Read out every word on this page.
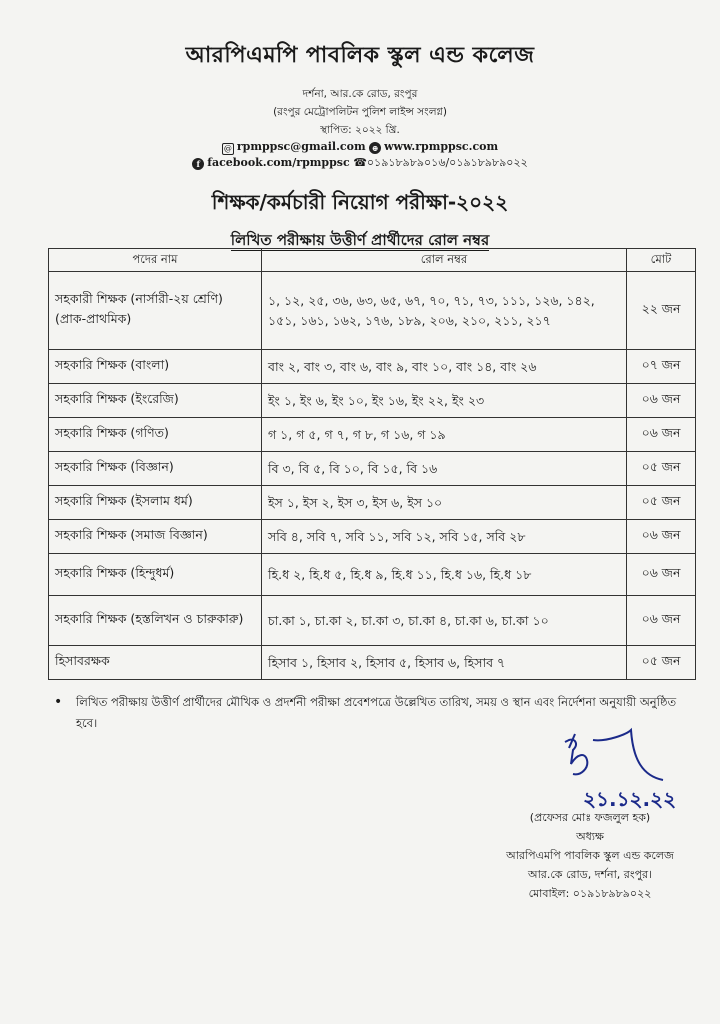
আরপিএমপি পাবলিক স্কুল এন্ড কলেজ
দর্শনা, আর.কে রোড, রংপুর
(রংপুর মেট্রোপলিটন পুলিশ লাইন্স সংলগ্ন)
স্থাপিত: ২০২২ খ্রি.
@ rpmppsc@gmail.com ⊕ www.rpmppsc.com
f facebook.com/rpmppsc ☎০১৯১৮৯৮৯০১৬/০১৯১৮৯৮৯০২২
শিক্ষক/কর্মচারী নিয়োগ পরীক্ষা-২০২২
লিখিত পরীক্ষায় উত্তীর্ণ প্রার্থীদের রোল নম্বর
পদের নাম	রোল নম্বর	মোট
সহকারী শিক্ষক (নার্সারী-২য় শ্রেণি) (প্রাক-প্রাথমিক)	১, ১২, ২৫, ৩৬, ৬৩, ৬৫, ৬৭, ৭০, ৭১, ৭৩, ১১১, ১২৬, ১৪২, ১৫১, ১৬১, ১৬২, ১৭৬, ১৮৯, ২০৬, ২১০, ২১১, ২১৭	২২ জন
সহকারি শিক্ষক (বাংলা)	বাং ২, বাং ৩, বাং ৬, বাং ৯, বাং ১০, বাং ১৪, বাং ২৬	০৭ জন
সহকারি শিক্ষক (ইংরেজি)	ইং ১, ইং ৬, ইং ১০, ইং ১৬, ইং ২২, ইং ২৩	০৬ জন
সহকারি শিক্ষক (গণিত)	গ ১, গ ৫, গ ৭, গ ৮, গ ১৬, গ ১৯	০৬ জন
সহকারি শিক্ষক (বিজ্ঞান)	বি ৩, বি ৫, বি ১০, বি ১৫, বি ১৬	০৫ জন
সহকারি শিক্ষক (ইসলাম ধর্ম)	ইস ১, ইস ২, ইস ৩, ইস ৬, ইস ১০	০৫ জন
সহকারি শিক্ষক (সমাজ বিজ্ঞান)	সবি ৪, সবি ৭, সবি ১১, সবি ১২, সবি ১৫, সবি ২৮	০৬ জন
সহকারি শিক্ষক (হিন্দুধর্ম)	হি.ধ ২, হি.ধ ৫, হি.ধ ৯, হি.ধ ১১, হি.ধ ১৬, হি.ধ ১৮	০৬ জন
সহকারি শিক্ষক (হস্তলিখন ও চারুকারু)	চা.কা ১, চা.কা ২, চা.কা ৩, চা.কা ৪, চা.কা ৬, চা.কা ১০	০৬ জন
হিসাবরক্ষক	হিসাব ১, হিসাব ২, হিসাব ৫, হিসাব ৬, হিসাব ৭	০৫ জন
•	লিখিত পরীক্ষায় উত্তীর্ণ প্রার্থীদের মৌখিক ও প্রদর্শনী পরীক্ষা প্রবেশপত্রে উল্লেখিত তারিখ, সময় ও স্থান এবং নির্দেশনা অনুযায়ী অনুষ্ঠিত হবে।
২১.১২.২২
(প্রফেসর মোঃ ফজলুল হক)
অধ্যক্ষ
আরপিএমপি পাবলিক স্কুল এন্ড কলেজ
আর.কে রোড, দর্শনা, রংপুর।
মোবাইল: ০১৯১৮৯৮৯০২২
